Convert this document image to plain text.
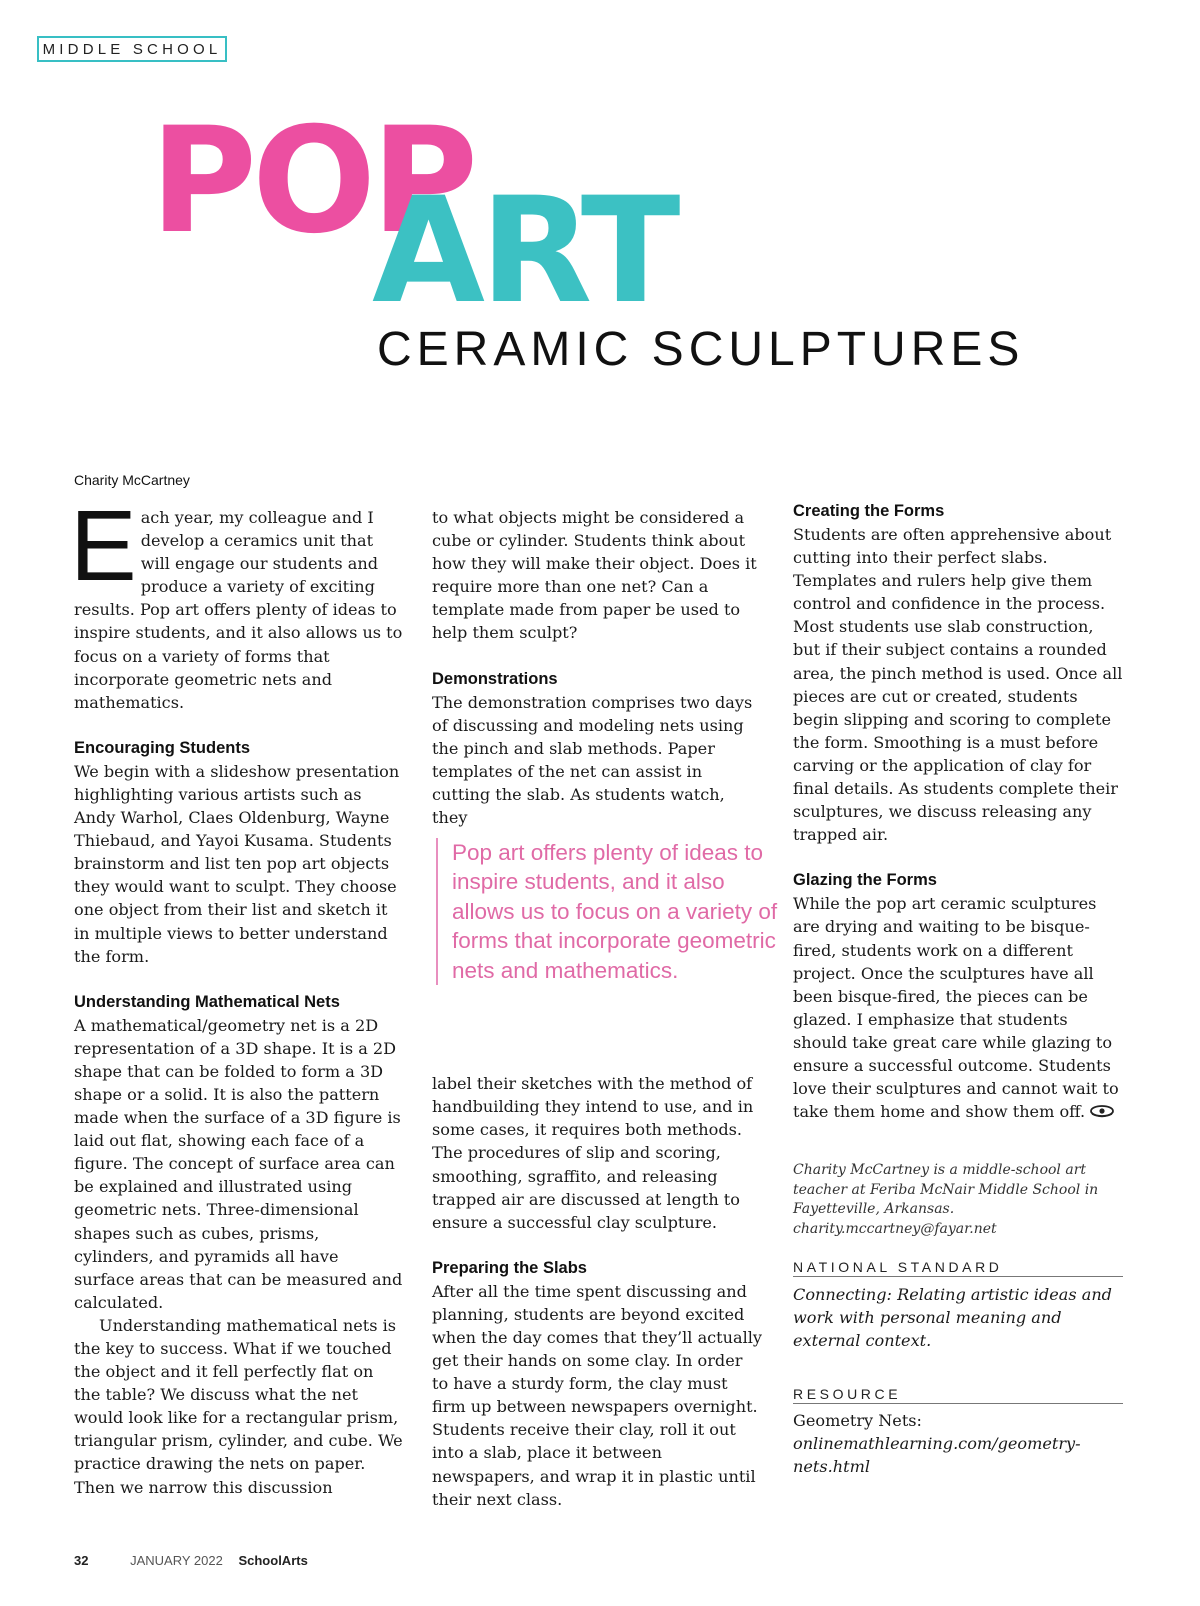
MIDDLE SCHOOL
POP
ART
CERAMIC SCULPTURES
Charity McCartney

Each year, my colleague and I develop a ceramics unit that will engage our students and produce a variety of exciting results. Pop art offers plenty of ideas to inspire students, and it also allows us to focus on a variety of forms that incorporate geometric nets and mathematics.

Encouraging Students

We begin with a slideshow presentation highlighting various artists such as Andy Warhol, Claes Oldenburg, Wayne Thiebaud, and Yayoi Kusama. Students brainstorm and list ten pop art objects they would want to sculpt. They choose one object from their list and sketch it in multiple views to better understand the form.

Understanding Mathematical Nets

A mathematical/geometry net is a 2D representation of a 3D shape. It is a 2D shape that can be folded to form a 3D shape or a solid. It is also the pattern made when the surface of a 3D figure is laid out flat, showing each face of a figure. The concept of surface area can be explained and illustrated using geometric nets. Three-dimensional shapes such as cubes, prisms, cylinders, and pyramids all have surface areas that can be measured and calculated.

Understanding mathematical nets is the key to success. What if we touched the object and it fell perfectly flat on the table? We discuss what the net would look like for a rectangular prism, triangular prism, cylinder, and cube. We practice drawing the nets on paper. Then we narrow this discussion

to what objects might be considered a cube or cylinder. Students think about how they will make their object. Does it require more than one net? Can a template made from paper be used to help them sculpt?

Demonstrations

The demonstration comprises two days of discussing and modeling nets using the pinch and slab methods. Paper templates of the net can assist in cutting the slab. As students watch, they

label their sketches with the method of handbuilding they intend to use, and in some cases, it requires both methods. The procedures of slip and scoring, smoothing, sgraffito, and releasing trapped air are discussed at length to ensure a successful clay sculpture.

Preparing the Slabs

After all the time spent discussing and planning, students are beyond excited when the day comes that they’ll actually get their hands on some clay. In order to have a sturdy form, the clay must firm up between newspapers overnight. Students receive their clay, roll it out into a slab, place it between newspapers, and wrap it in plastic until their next class.

Pop art offers plenty of ideas to inspire students, and it also allows us to focus on a variety of forms that incorporate geometric nets and mathematics.
Creating the Forms

Students are often apprehensive about cutting into their perfect slabs. Templates and rulers help give them control and confidence in the process. Most students use slab construction, but if their subject contains a rounded area, the pinch method is used. Once all pieces are cut or created, students begin slipping and scoring to complete the form. Smoothing is a must before carving or the application of clay for final details. As students complete their sculptures, we discuss releasing any trapped air.

Glazing the Forms

While the pop art ceramic sculptures are drying and waiting to be bisque-fired, students work on a different project. Once the sculptures have all been bisque-fired, the pieces can be glazed. I emphasize that students should take great care while glazing to ensure a successful outcome. Students love their sculptures and cannot wait to take them home and show them off.

Charity McCartney is a middle-school art teacher at Feriba McNair Middle School in Fayetteville, Arkansas. charity.mccartney@fayar.net
NATIONAL STANDARD
Connecting: Relating artistic ideas and work with personal meaning and external context.
RESOURCE
Geometry Nets: onlinemathlearning.com/geometry-nets.html
32	JANUARY 2022 SchoolArts
